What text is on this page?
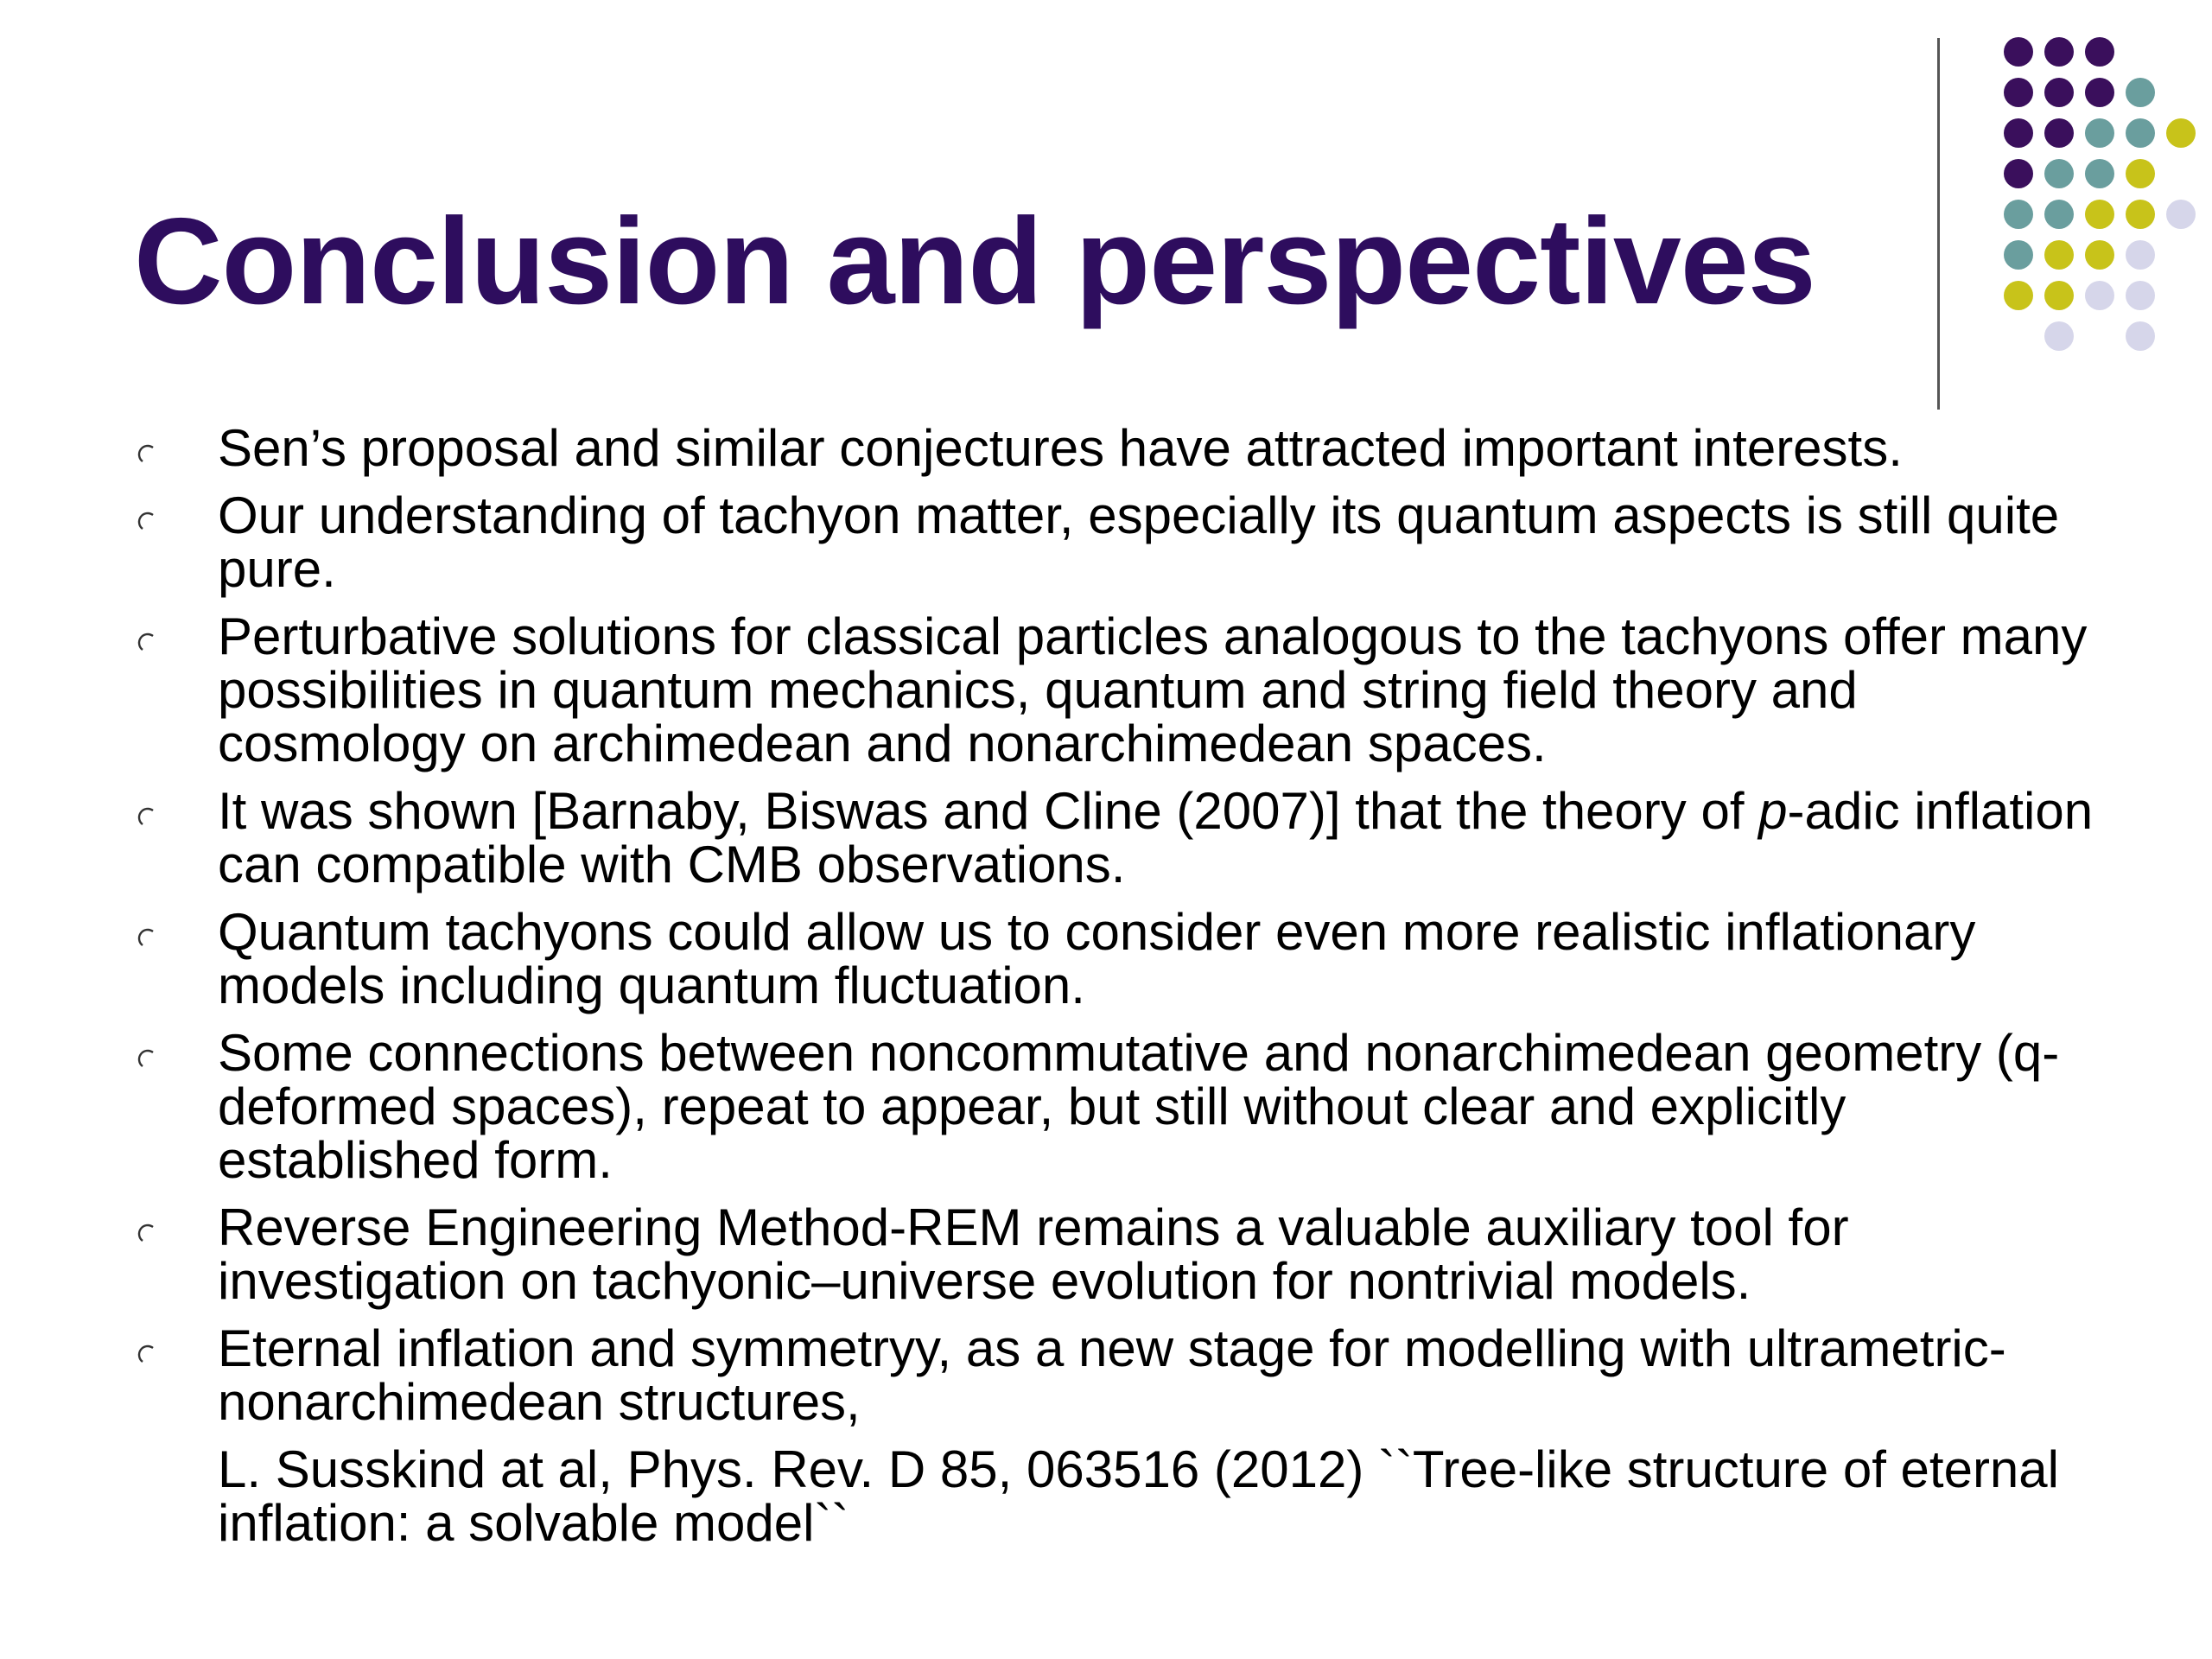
Conclusion and perspectives
Sen’s proposal and similar conjectures have attracted important interests.
Our understanding of tachyon matter, especially its quantum aspects is still quite pure.
Perturbative solutions for classical particles analogous to the tachyons offer many possibilities in quantum mechanics, quantum and string field theory and cosmology on archimedean and nonarchimedean spaces.
It was shown [Barnaby, Biswas and Cline (2007)] that the theory of p-adic inflation can compatible with CMB observations.
Quantum tachyons could allow us to consider even more realistic inflationary models including quantum fluctuation.
Some connections between noncommutative and nonarchimedean geometry (q-deformed spaces), repeat to appear, but still without clear and explicitly established form.
Reverse Engineering Method-REM remains a valuable auxiliary tool for investigation on tachyonic–universe evolution for nontrivial models.
Eternal inflation and symmetryy, as a new stage for modelling with ultrametric-nonarchimedean structures,
L. Susskind at al, Phys. Rev. D 85, 063516 (2012) ``Tree-like structure of eternal inflation: a solvable model``
